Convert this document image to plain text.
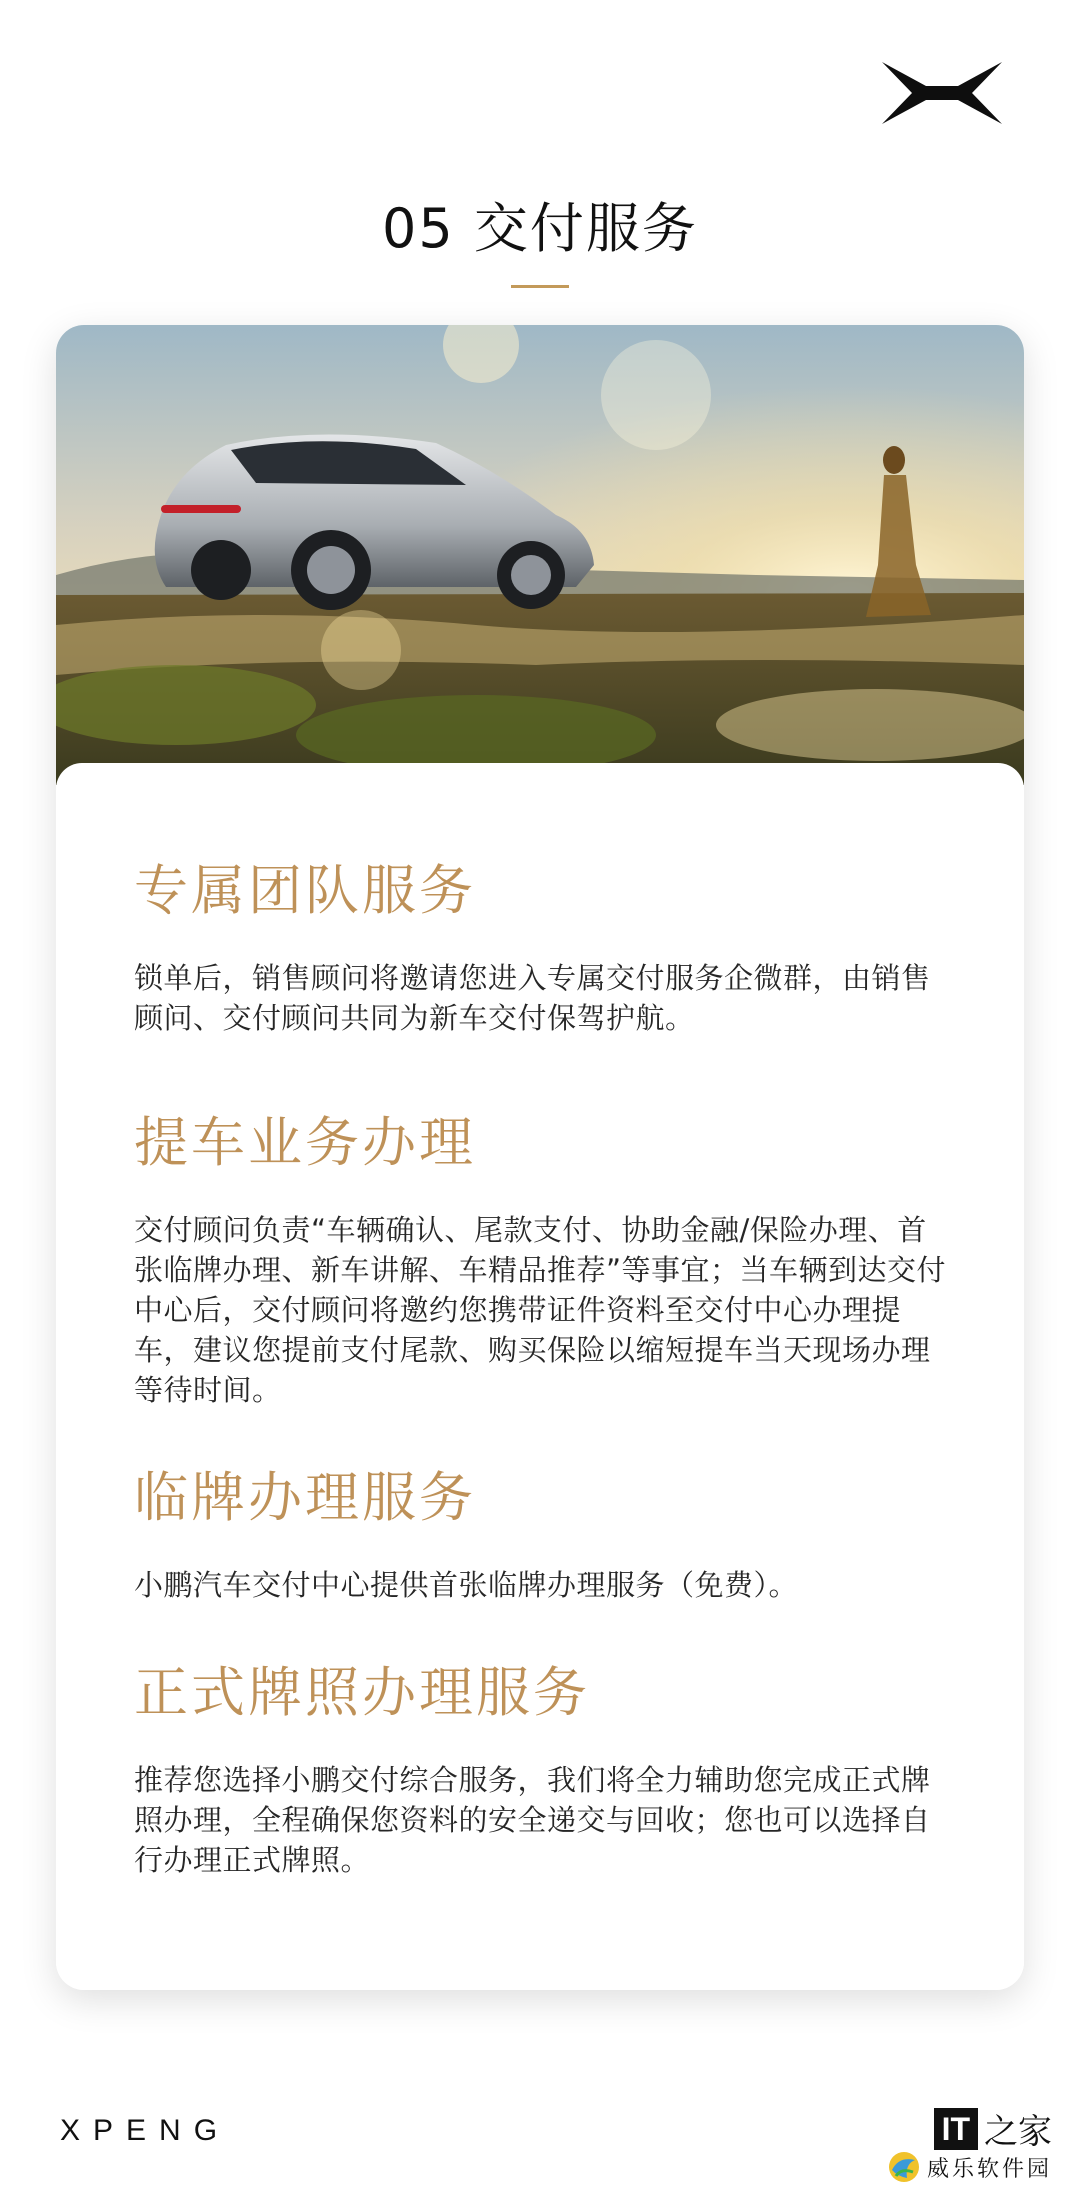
05 交付服务
专属团队服务

锁单后，销售顾问将邀请您进入专属交付服务企微群，由销售顾问、交付顾问共同为新车交付保驾护航。

提车业务办理

交付顾问负责“车辆确认、尾款支付、协助金融/保险办理、首张临牌办理、新车讲解、车精品推荐”等事宜；当车辆到达交付中心后，交付顾问将邀约您携带证件资料至交付中心办理提车，建议您提前支付尾款、购买保险以缩短提车当天现场办理等待时间。

临牌办理服务

小鹏汽车交付中心提供首张临牌办理服务（免费）。

正式牌照办理服务

推荐您选择小鹏交付综合服务，我们将全力辅助您完成正式牌照办理，全程确保您资料的安全递交与回收；您也可以选择自行办理正式牌照。

XPENG	IT 之家
威乐软件园
